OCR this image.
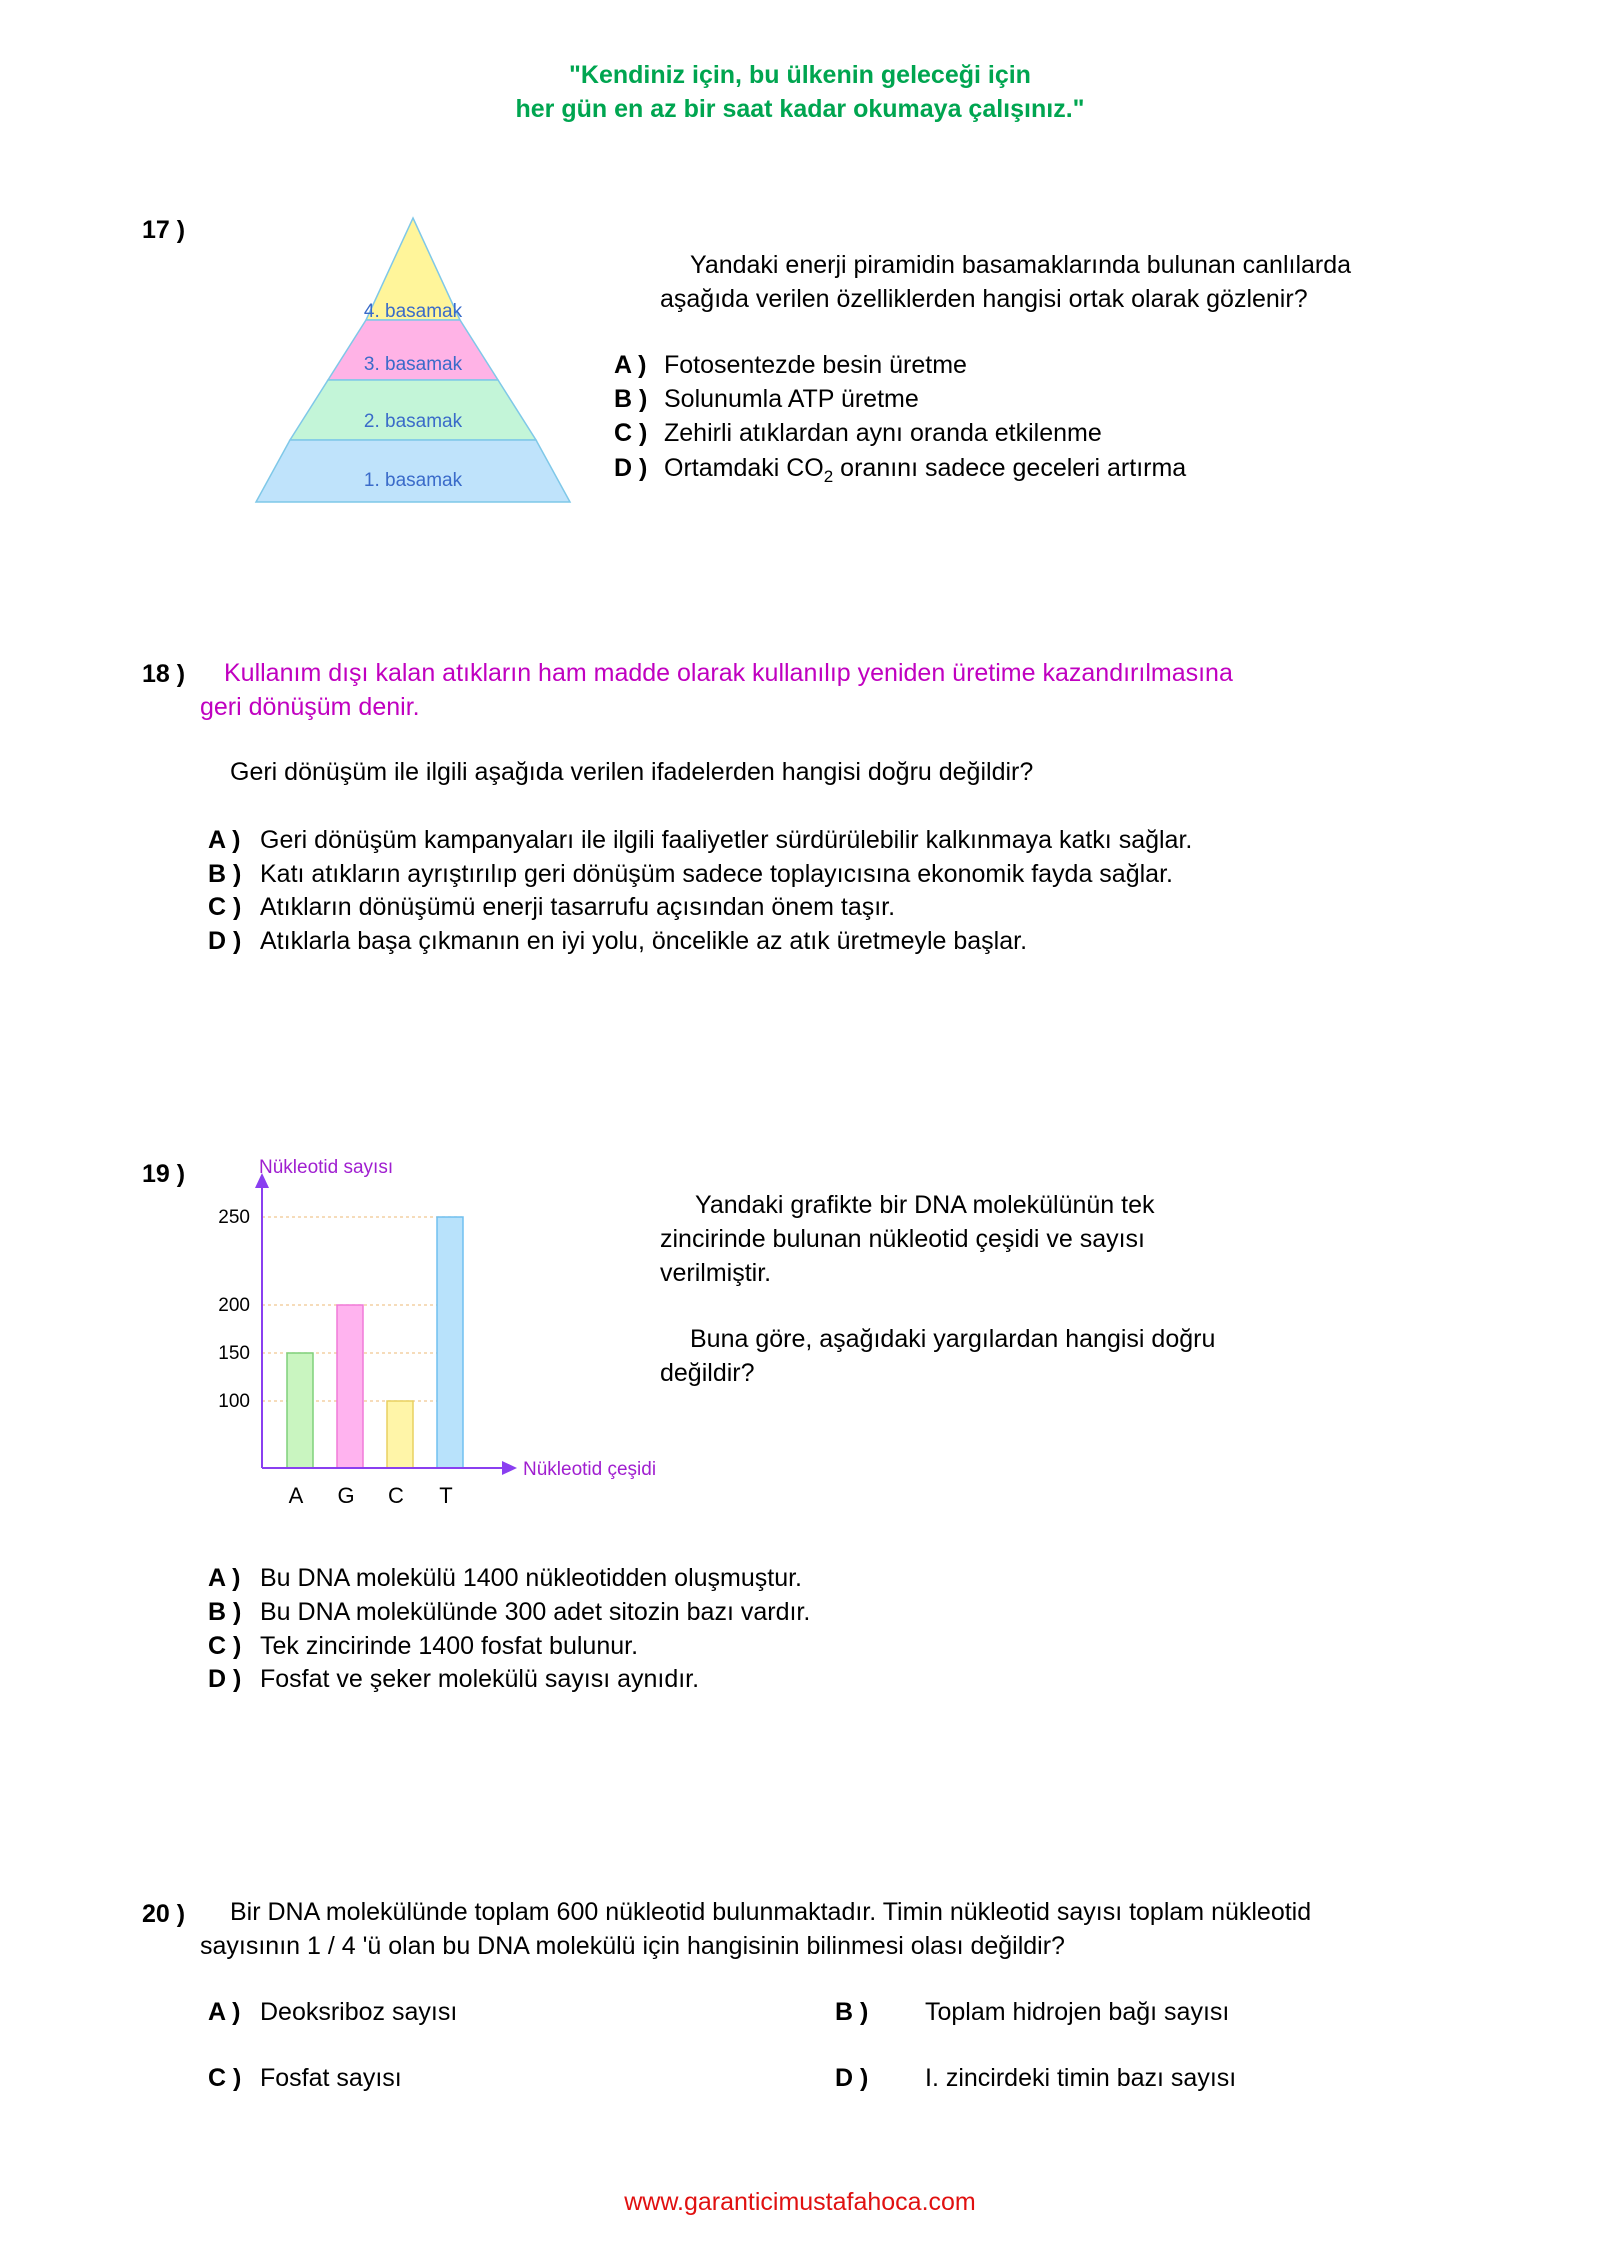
"Kendiniz için, bu ülkenin geleceği için
her gün en az bir saat kadar okumaya çalışınız."
17 )
4. basamak
3. basamak
2. basamak
1. basamak
Yandaki enerji piramidin basamaklarında bulunan canlılarda
aşağıda verilen özelliklerden hangisi ortak olarak gözlenir?
A ) Fotosentezde besin üretme
B ) Solunumla ATP üretme
C ) Zehirli atıklardan aynı oranda etkilenme
D ) Ortamdaki $CO_2$ oranını sadece geceleri artırma
18 ) Kullanım dışı kalan atıkların ham madde olarak kullanılıp yeniden üretime kazandırılmasına
geri dönüşüm denir.
Geri dönüşüm ile ilgili aşağıda verilen ifadelerden hangisi doğru değildir?
A ) Geri dönüşüm kampanyaları ile ilgili faaliyetler sürdürülebilir kalkınmaya katkı sağlar.
B ) Katı atıkların ayrıştırılıp geri dönüşüm sadece toplayıcısına ekonomik fayda sağlar.
C ) Atıkların dönüşümü enerji tasarrufu açısından önem taşır.
D ) Atıklarla başa çıkmanın en iyi yolu, öncelikle az atık üretmeyle başlar.
19 )
100
150
200
250
A G C T
Nükleotid sayısı
Nükleotid çeşidi
Yandaki grafikte bir DNA molekülünün tek
zincirinde bulunan nükleotid çeşidi ve sayısı
verilmiştir.
Buna göre, aşağıdaki yargılardan hangisi doğru
değildir?
A ) Bu DNA molekülü 1400 nükleotidden oluşmuştur.
B ) Bu DNA molekülünde 300 adet sitozin bazı vardır.
C ) Tek zincirinde 1400 fosfat bulunur.
D ) Fosfat ve şeker molekülü sayısı aynıdır.
20 ) Bir DNA molekülünde toplam 600 nükleotid bulunmaktadır. Timin nükleotid sayısı toplam nükleotid
sayısının 1 / 4 'ü olan bu DNA molekülü için hangisinin bilinmesi olası değildir?
A ) Deoksriboz sayısı	B ) Toplam hidrojen bağı sayısı
C ) Fosfat sayısı	D ) I. zincirdeki timin bazı sayısı
www.garanticimustafahoca.com
